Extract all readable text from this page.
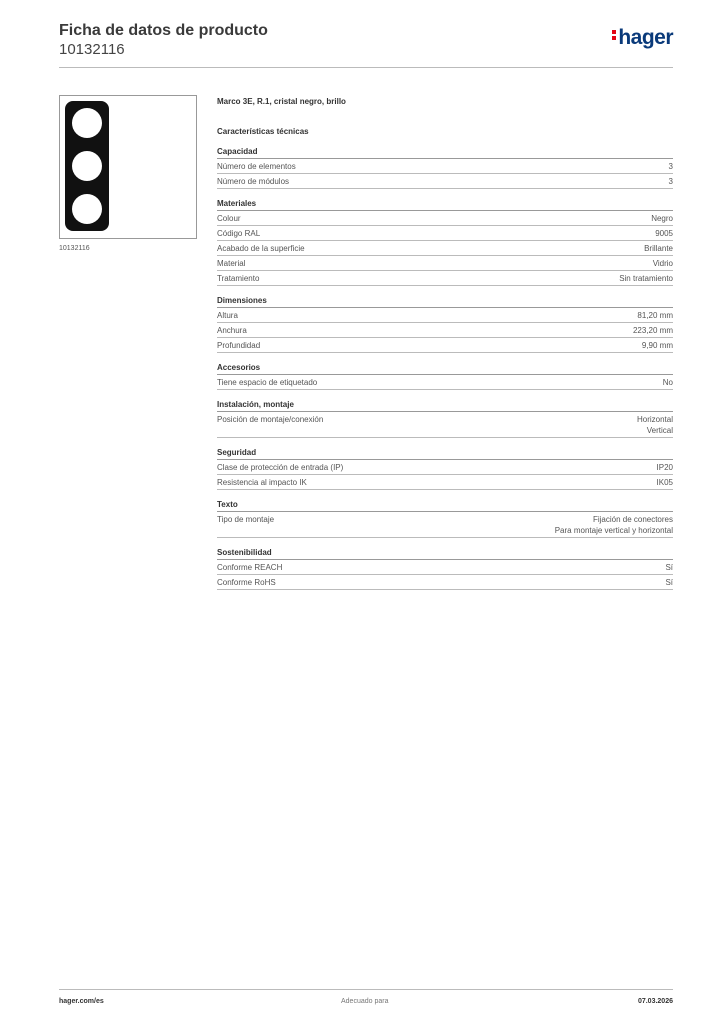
Ficha de datos de producto
10132116
hager
10132116
Marco 3E, R.1, cristal negro, brillo
Características técnicas
Capacidad
Número de elementos	3
Número de módulos	3
Materiales
Colour	Negro
Código RAL	9005
Acabado de la superficie	Brillante
Material	Vidrio
Tratamiento	Sin tratamiento
Dimensiones
Altura	81,20 mm
Anchura	223,20 mm
Profundidad	9,90 mm
Accesorios
Tiene espacio de etiquetado	No
Instalación, montaje
Posición de montaje/conexión	Horizontal
Vertical
Seguridad
Clase de protección de entrada (IP)	IP20
Resistencia al impacto IK	IK05
Texto
Tipo de montaje	Fijación de conectores
Para montaje vertical y horizontal
Sostenibilidad
Conforme REACH	Sí
Conforme RoHS	Sí
hager.com/es	Adecuado para	07.03.2026
